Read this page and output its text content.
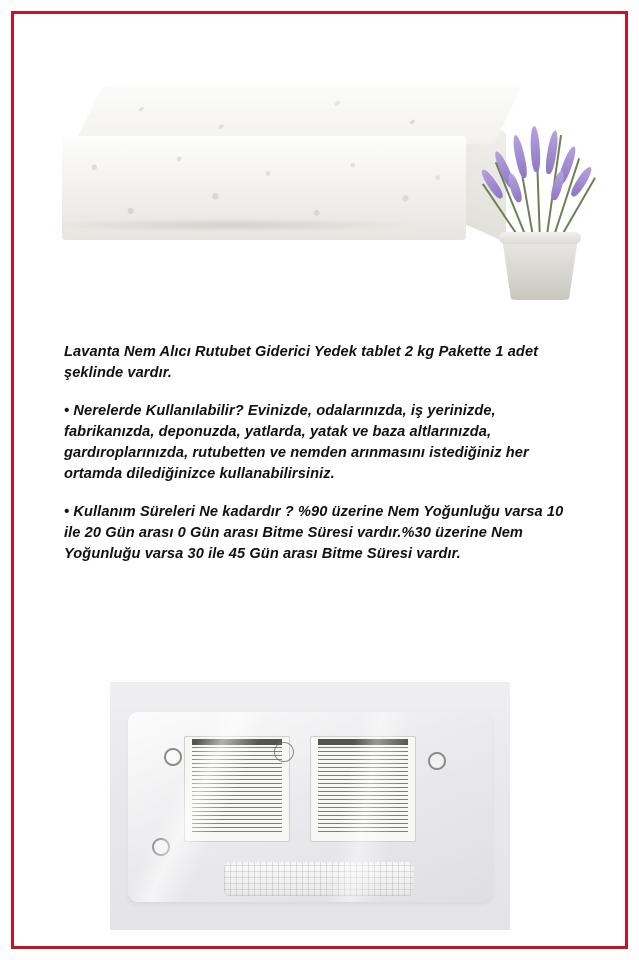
Lavanta Nem Alıcı Rutubet Giderici Yedek tablet 2 kg Pakette 1 adet şeklinde vardır.

• Nerelerde Kullanılabilir? Evinizde, odalarınızda, iş yerinizde, fabrikanızda, deponuzda, yatlarda, yatak ve baza altlarınızda, gardıroplarınızda, rutubetten ve nemden arınmasını istediğiniz her ortamda dilediğinizce kullanabilirsiniz.

• Kullanım Süreleri Ne kadardır ? %90 üzerine Nem Yoğunluğu varsa 10 ile 20 Gün arası 0 Gün arası Bitme Süresi vardır.%30 üzerine Nem Yoğunluğu varsa 30 ile 45 Gün arası Bitme Süresi vardır.
